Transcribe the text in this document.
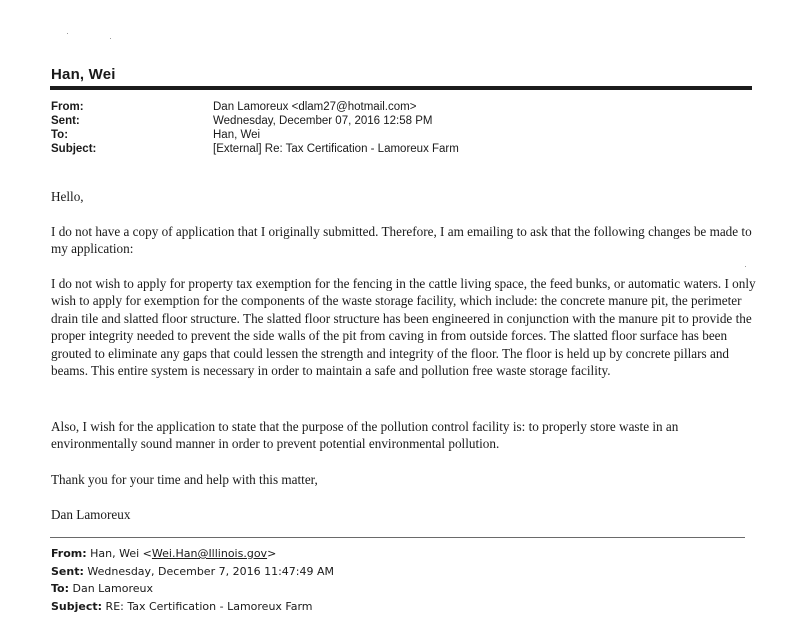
Han, Wei
From:	Dan Lamoreux <dlam27@hotmail.com>
Sent:	Wednesday, December 07, 2016 12:58 PM
To:	Han, Wei
Subject:	[External] Re: Tax Certification - Lamoreux Farm

Hello,

I do not have a copy of application that I originally submitted. Therefore, I am emailing to ask that the following changes be made to my application:

I do not wish to apply for property tax exemption for the fencing in the cattle living space, the feed bunks, or automatic waters. I only wish to apply for exemption for the components of the waste storage facility, which include: the concrete manure pit, the perimeter drain tile and slatted floor structure. The slatted floor structure has been engineered in conjunction with the manure pit to provide the proper integrity needed to prevent the side walls of the pit from caving in from outside forces. The slatted floor surface has been grouted to eliminate any gaps that could lessen the strength and integrity of the floor. The floor is held up by concrete pillars and beams. This entire system is necessary in order to maintain a safe and pollution free waste storage facility.

Also, I wish for the application to state that the purpose of the pollution control facility is: to properly store waste in an environmentally sound manner in order to prevent potential environmental pollution.

Thank you for your time and help with this matter,

Dan Lamoreux

From: Han, Wei <Wei.Han@Illinois.gov>
Sent: Wednesday, December 7, 2016 11:47:49 AM
To: Dan Lamoreux
Subject: RE: Tax Certification - Lamoreux Farm
